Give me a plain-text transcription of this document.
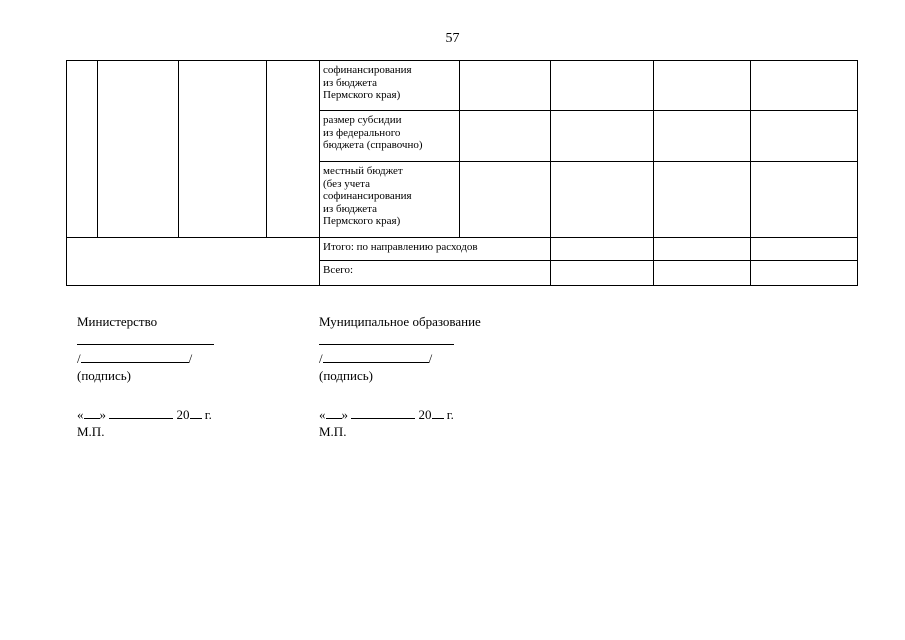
57
				софинансирования
из бюджета
Пермского края)				
				размер субсидии
из федерального
бюджета (справочно)				
				местный бюджет
(без учета
софинансирования
из бюджета
Пермского края)				
				Итого: по направлению расходов				
				Всего:				
Министерство
/	/
(подпись)
« »	20 г.
М.П.
Муниципальное образование
/	/
(подпись)
« »	20 г.
М.П.
